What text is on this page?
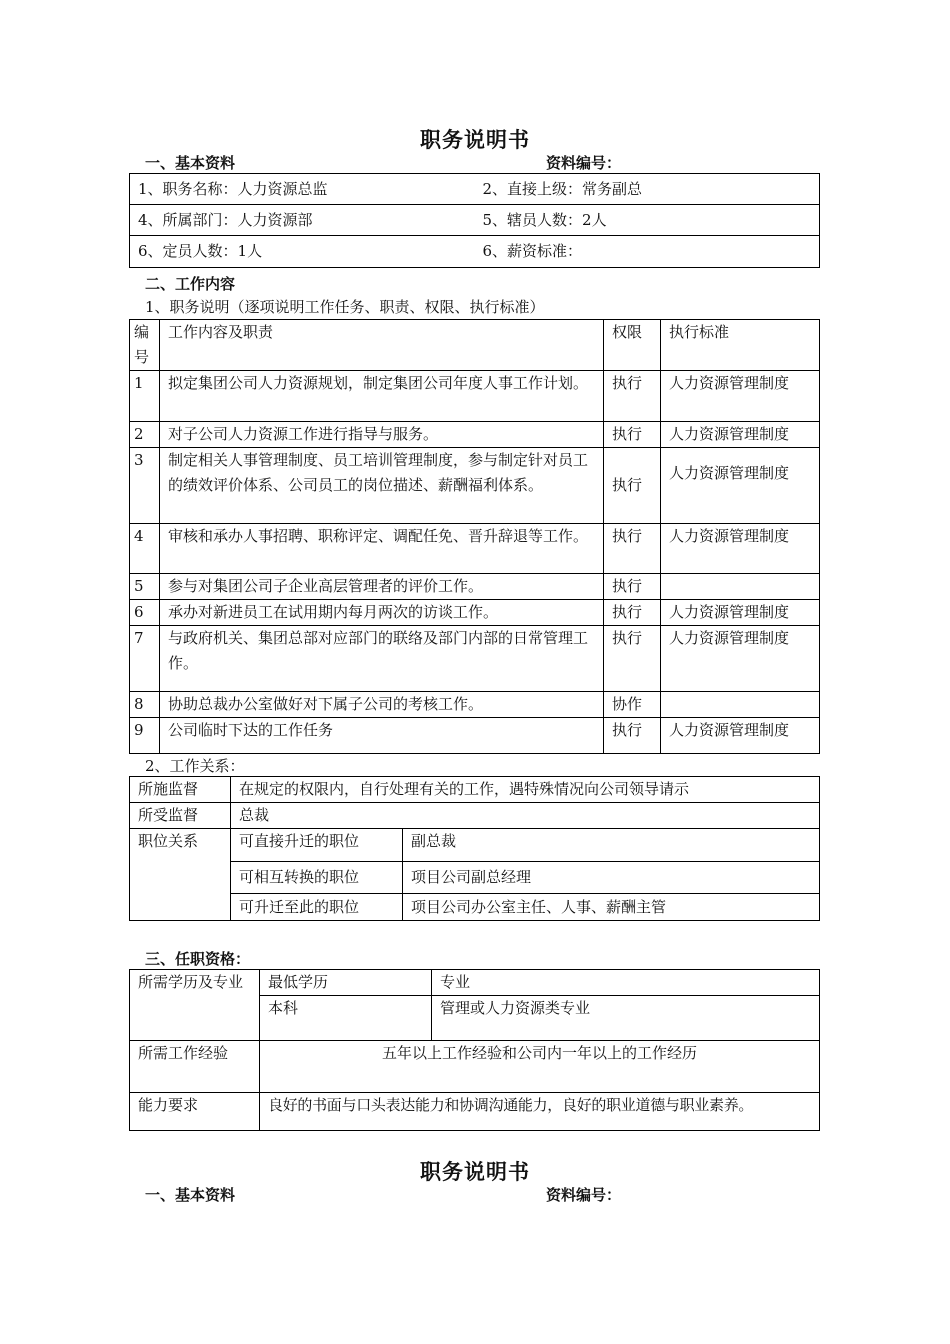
职务说明书
一、基本资料	资料编号：
1、职务名称：人力资源总监	2、直接上级：常务副总
4、所属部门：人力资源部	5、辖员人数：2人
6、定员人数：1人	6、薪资标准：
二、工作内容
1、职务说明（逐项说明工作任务、职责、权限、执行标准）
编号	工作内容及职责	权限	执行标准
1	拟定集团公司人力资源规划，制定集团公司年度人事工作计划。	执行	人力资源管理制度
2	对子公司人力资源工作进行指导与服务。	执行	人力资源管理制度
3	制定相关人事管理制度、员工培训管理制度，参与制定针对员工的绩效评价体系、公司员工的岗位描述、薪酬福利体系。	执行	人力资源管理制度
4	审核和承办人事招聘、职称评定、调配任免、晋升辞退等工作。	执行	人力资源管理制度
5	参与对集团公司子企业高层管理者的评价工作。	执行	
6	承办对新进员工在试用期内每月两次的访谈工作。	执行	人力资源管理制度
7	与政府机关、集团总部对应部门的联络及部门内部的日常管理工作。	执行	人力资源管理制度
8	协助总裁办公室做好对下属子公司的考核工作。	协作	
9	公司临时下达的工作任务	执行	人力资源管理制度
2、工作关系：
所施监督	在规定的权限内，自行处理有关的工作，遇特殊情况向公司领导请示	
所受监督	总裁	
职位关系	可直接升迁的职位	副总裁
	可相互转换的职位	项目公司副总经理
	可升迁至此的职位	项目公司办公室主任、人事、薪酬主管
三、任职资格：
所需学历及专业	最低学历	专业
	本科	管理或人力资源类专业
所需工作经验	五年以上工作经验和公司内一年以上的工作经历	
能力要求	良好的书面与口头表达能力和协调沟通能力，良好的职业道德与职业素养。	
职务说明书
一、基本资料	资料编号：
